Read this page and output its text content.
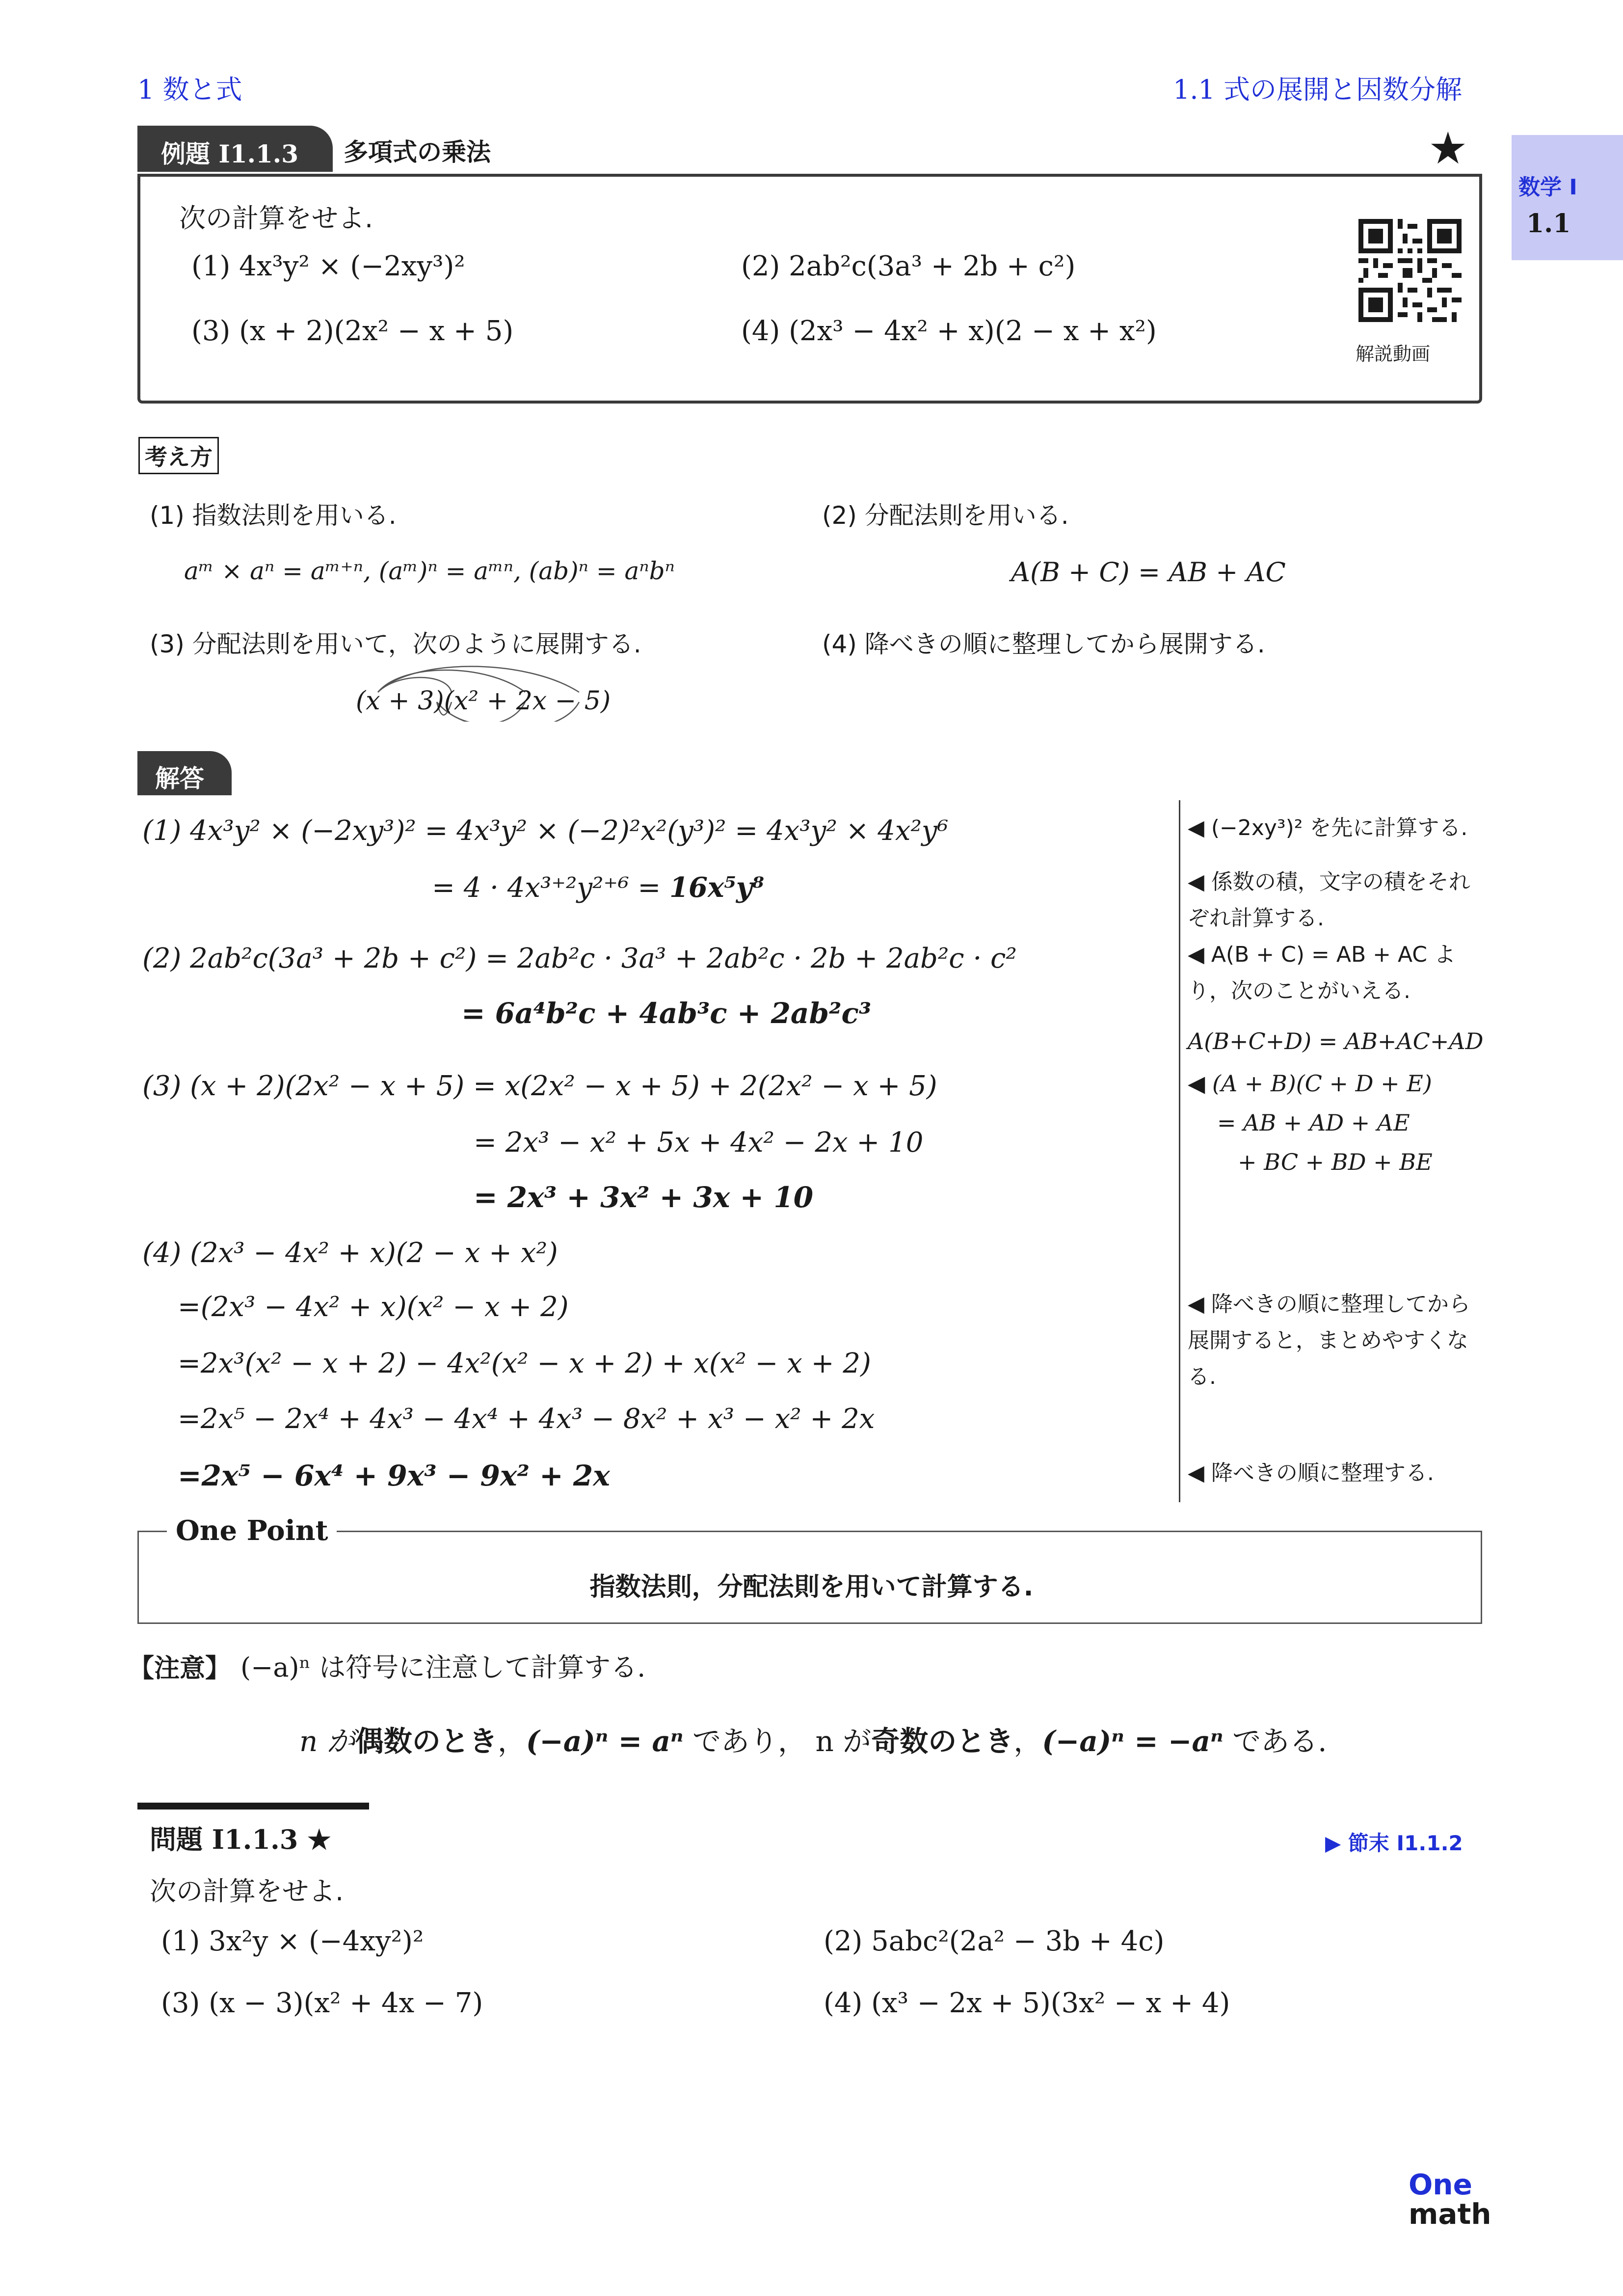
1 数と式	1.1 式の展開と因数分解
数学 I
1.1
例題 I1.1.3 多項式の乗法	★
次の計算をせよ.
(1) 4x³y² × (−2xy³)²	(2) 2ab²c(3a³ + 2b + c²)
(3) (x + 2)(2x² − x + 5)	(4) (2x³ − 4x² + x)(2 − x + x²)
解説動画
考え方
(1) 指数法則を用いる.
aᵐ × aⁿ = aᵐ⁺ⁿ, (aᵐ)ⁿ = aᵐⁿ, (ab)ⁿ = aⁿbⁿ
(2) 分配法則を用いる.
A(B + C) = AB + AC
(3) 分配法則を用いて，次のように展開する.	(4) 降べきの順に整理してから展開する.
(x + 3)(x² + 2x − 5)
解答
(1) 4x³y² × (−2xy³)² = 4x³y² × (−2)²x²(y³)² = 4x³y² × 4x²y⁶
= 4 · 4x³⁺²y²⁺⁶ = 16x⁵y⁸
(2) 2ab²c(3a³ + 2b + c²) = 2ab²c · 3a³ + 2ab²c · 2b + 2ab²c · c²
= 6a⁴b²c + 4ab³c + 2ab²c³
(3) (x + 2)(2x² − x + 5) = x(2x² − x + 5) + 2(2x² − x + 5)
= 2x³ − x² + 5x + 4x² − 2x + 10
= 2x³ + 3x² + 3x + 10
(4) (2x³ − 4x² + x)(2 − x + x²)
=(2x³ − 4x² + x)(x² − x + 2)
=2x³(x² − x + 2) − 4x²(x² − x + 2) + x(x² − x + 2)
=2x⁵ − 2x⁴ + 4x³ − 4x⁴ + 4x³ − 8x² + x³ − x² + 2x
=2x⁵ − 6x⁴ + 9x³ − 9x² + 2x
◀ (−2xy³)² を先に計算する.
◀ 係数の積，文字の積をそれ
ぞれ計算する.
◀ A(B + C) = AB + AC よ
り，次のことがいえる.
A(B+C+D) = AB+AC+AD
◀ (A + B)(C + D + E)
= AB + AD + AE
+ BC + BD + BE
◀ 降べきの順に整理してから
展開すると，まとめやすくな
る.
◀ 降べきの順に整理する.
One Point
指数法則，分配法則を用いて計算する.
【注意】 (−a)ⁿ は符号に注意して計算する.
n が偶数のとき，(−a)ⁿ = aⁿ であり， n が奇数のとき，(−a)ⁿ = −aⁿ である.
問題 I1.1.3 ★	▶ 節末 I1.1.2
次の計算をせよ.
(1) 3x²y × (−4xy²)²	(2) 5abc²(2a² − 3b + 4c)
(3) (x − 3)(x² + 4x − 7)	(4) (x³ − 2x + 5)(3x² − x + 4)
One
math
